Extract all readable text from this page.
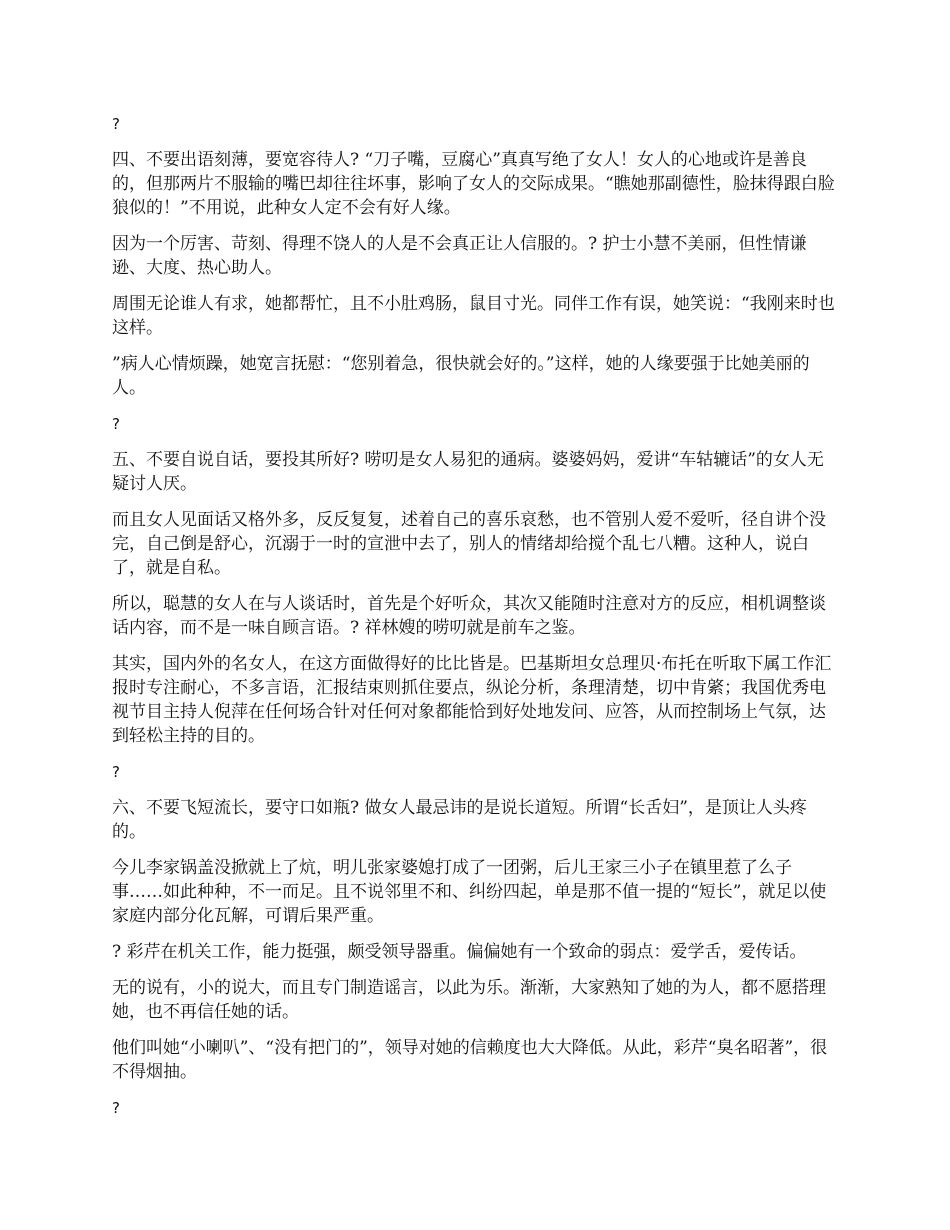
?

四、不要出语刻薄，要宽容待人? “刀子嘴，豆腐心”真真写绝了女人！女人的心地或许是善良的，但那两片不服输的嘴巴却往往坏事，影响了女人的交际成果。“瞧她那副德性，脸抹得跟白脸狼似的！”不用说，此种女人定不会有好人缘。

因为一个厉害、苛刻、得理不饶人的人是不会真正让人信服的。? 护士小慧不美丽，但性情谦逊、大度、热心助人。

周围无论谁人有求，她都帮忙，且不小肚鸡肠，鼠目寸光。同伴工作有误，她笑说：“我刚来时也这样。

”病人心情烦躁，她宽言抚慰：“您别着急，很快就会好的。”这样，她的人缘要强于比她美丽的人。

?

五、不要自说自话，要投其所好? 唠叨是女人易犯的通病。婆婆妈妈，爱讲“车轱辘话”的女人无疑讨人厌。

而且女人见面话又格外多，反反复复，述着自己的喜乐哀愁，也不管别人爱不爱听，径自讲个没完，自己倒是舒心，沉溺于一时的宣泄中去了，别人的情绪却给搅个乱七八糟。这种人，说白了，就是自私。

所以，聪慧的女人在与人谈话时，首先是个好听众，其次又能随时注意对方的反应，相机调整谈话内容，而不是一味自顾言语。? 祥林嫂的唠叨就是前车之鉴。

其实，国内外的名女人，在这方面做得好的比比皆是。巴基斯坦女总理贝·布托在听取下属工作汇报时专注耐心，不多言语，汇报结束则抓住要点，纵论分析，条理清楚，切中肯綮；我国优秀电视节目主持人倪萍在任何场合针对任何对象都能恰到好处地发问、应答，从而控制场上气氛，达到轻松主持的目的。

?

六、不要飞短流长，要守口如瓶? 做女人最忌讳的是说长道短。所谓“长舌妇”，是顶让人头疼的。

今儿李家锅盖没掀就上了炕，明儿张家婆媳打成了一团粥，后儿王家三小子在镇里惹了么子事……如此种种，不一而足。且不说邻里不和、纠纷四起，单是那不值一提的“短长”，就足以使家庭内部分化瓦解，可谓后果严重。

? 彩芹在机关工作，能力挺强，颇受领导器重。偏偏她有一个致命的弱点：爱学舌，爱传话。

无的说有，小的说大，而且专门制造谣言，以此为乐。渐渐，大家熟知了她的为人，都不愿搭理她，也不再信任她的话。

他们叫她“小喇叭”、“没有把门的”，领导对她的信赖度也大大降低。从此，彩芹“臭名昭著”，很不得烟抽。

?
